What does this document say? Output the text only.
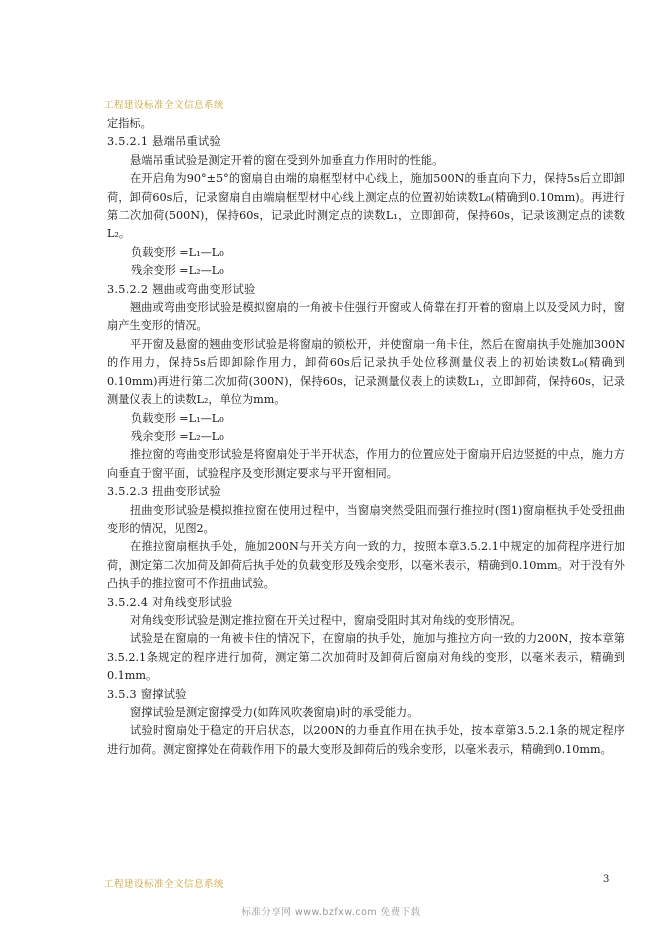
工程建设标准全文信息系统

定指标。

3.5.2.1 悬端吊重试验

悬端吊重试验是测定开着的窗在受到外加垂直力作用时的性能。

在开启角为90°±5°的窗扇自由端的扇框型材中心线上，施加500N的垂直向下力，保持5s后立即卸荷，卸荷60s后，记录窗扇自由端扇框型材中心线上测定点的位置初始读数L₀(精确到0.10mm)。再进行第二次加荷(500N)，保持60s，记录此时测定点的读数L₁，立即卸荷，保持60s，记录该测定点的读数L₂。

负载变形 =L₁—L₀

残余变形 =L₂—L₀

3.5.2.2 翘曲或弯曲变形试验

翘曲或弯曲变形试验是模拟窗扇的一角被卡住强行开窗或人倚靠在打开着的窗扇上以及受风力时，窗扇产生变形的情况。

平开窗及悬窗的翘曲变形试验是将窗扇的锁松开，并使窗扇一角卡住，然后在窗扇执手处施加300N的作用力，保持5s后即卸除作用力，卸荷60s后记录执手处位移测量仪表上的初始读数L₀(精确到0.10mm)再进行第二次加荷(300N)，保持60s，记录测量仪表上的读数L₁，立即卸荷，保持60s，记录测量仪表上的读数L₂，单位为mm。

负载变形 =L₁—L₀

残余变形 =L₂—L₀

推拉窗的弯曲变形试验是将窗扇处于半开状态，作用力的位置应处于窗扇开启边竖挺的中点，施力方向垂直于窗平面，试验程序及变形测定要求与平开窗相同。

3.5.2.3 扭曲变形试验

扭曲变形试验是模拟推拉窗在使用过程中，当窗扇突然受阻而强行推拉时(图1)窗扇框执手处受扭曲变形的情况，见图2。

在推拉窗扇框执手处，施加200N与开关方向一致的力，按照本章3.5.2.1中规定的加荷程序进行加荷，测定第二次加荷及卸荷后执手处的负载变形及残余变形，以毫米表示，精确到0.10mm。对于没有外凸执手的推拉窗可不作扭曲试验。

3.5.2.4 对角线变形试验

对角线变形试验是测定推拉窗在开关过程中，窗扇受阻时其对角线的变形情况。

试验是在窗扇的一角被卡住的情况下，在窗扇的执手处，施加与推拉方向一致的力200N，按本章第3.5.2.1条规定的程序进行加荷，测定第二次加荷时及卸荷后窗扇对角线的变形，以毫米表示，精确到0.1mm。

3.5.3 窗撑试验

窗撑试验是测定窗撑受力(如阵风吹袭窗扇)时的承受能力。

试验时窗扇处于稳定的开启状态，以200N的力垂直作用在执手处，按本章第3.5.2.1条的规定程序进行加荷。测定窗撑处在荷载作用下的最大变形及卸荷后的残余变形，以毫米表示，精确到0.10mm。

工程建设标准全文信息系统	3
标准分享网 www.bzfxw.com 免费下载
